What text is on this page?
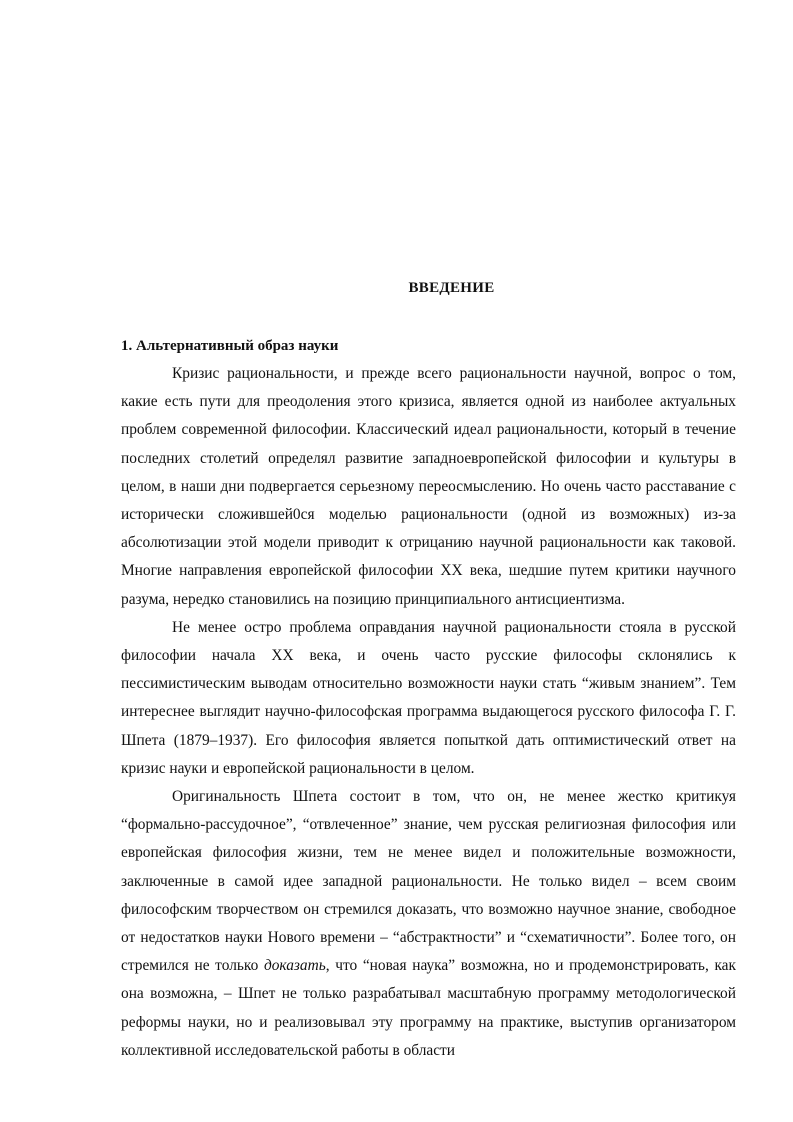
ВВЕДЕНИЕ

1. Альтернативный образ науки

Кризис рациональности, и прежде всего рациональности научной, вопрос о том, какие есть пути для преодоления этого кризиса, является одной из наиболее актуальных проблем современной философии. Классический идеал рациональности, который в течение последних столетий определял развитие западноевропейской философии и культуры в целом, в наши дни подвергается серьезному переосмыслению. Но очень часто расставание с исторически сложившей0ся моделью рациональности (одной из возможных) из-за абсолютизации этой модели приводит к отрицанию научной рациональности как таковой. Многие направления европейской философии XX века, шедшие путем критики научного разума, нередко становились на позицию принципиального антисциентизма.

Не менее остро проблема оправдания научной рациональности стояла в русской философии начала XX века, и очень часто русские философы склонялись к пессимистическим выводам относительно возможности науки стать “живым знанием”. Тем интереснее выглядит научно-философская программа выдающегося русского философа Г. Г. Шпета (1879–1937). Его философия является попыткой дать оптимистический ответ на кризис науки и европейской рациональности в целом.

Оригинальность Шпета состоит в том, что он, не менее жестко критикуя “формально-рассудочное”, “отвлеченное” знание, чем русская религиозная философия или европейская философия жизни, тем не менее видел и положительные возможности, заключенные в самой идее западной рациональности. Не только видел – всем своим философским творчеством он стремился доказать, что возможно научное знание, свободное от недостатков науки Нового времени – “абстрактности” и “схематичности”. Более того, он стремился не только доказать, что “новая наука” возможна, но и продемонстрировать, как она возможна, – Шпет не только разрабатывал масштабную программу методологической реформы науки, но и реализовывал эту программу на практике, выступив организатором коллективной исследовательской работы в области
